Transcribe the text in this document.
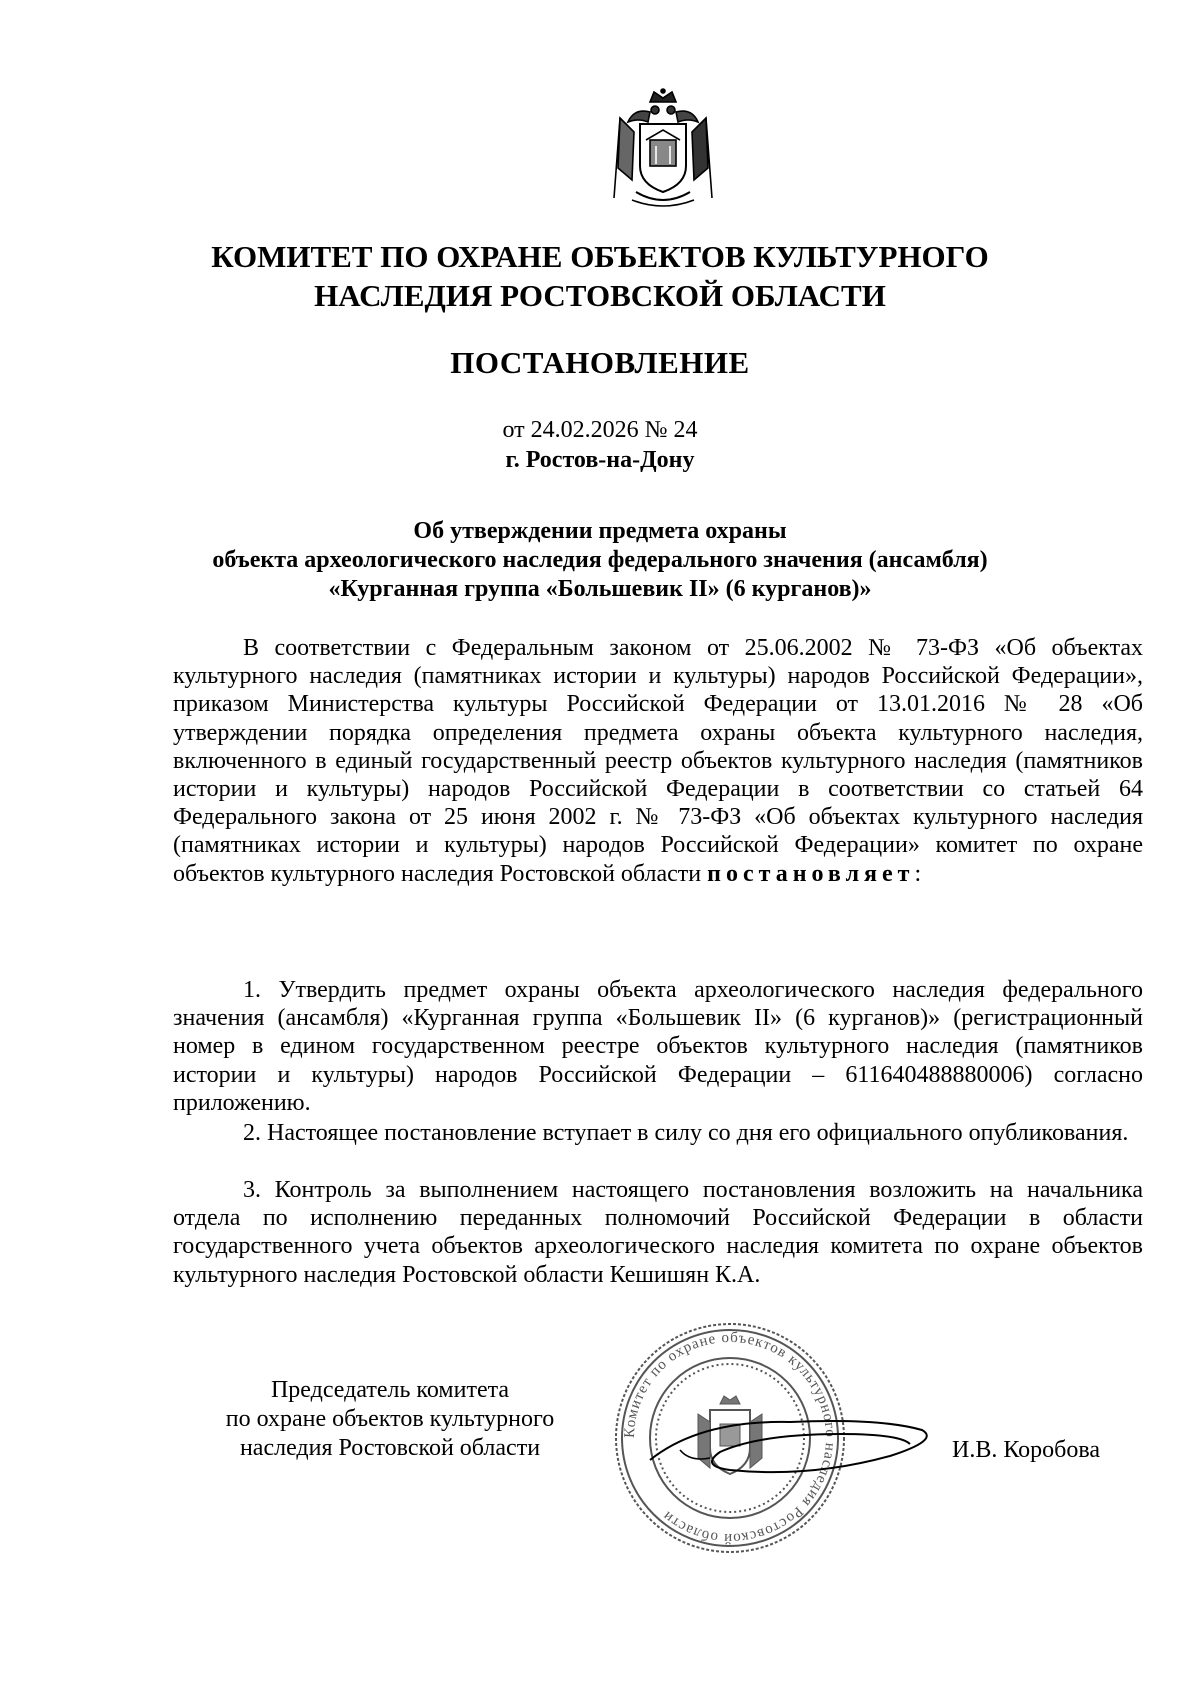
КОМИТЕТ ПО ОХРАНЕ ОБЪЕКТОВ КУЛЬТУРНОГО
НАСЛЕДИЯ РОСТОВСКОЙ ОБЛАСТИ
ПОСТАНОВЛЕНИЕ
от 24.02.2026 № 24
г. Ростов-на-Дону
Об утверждении предмета охраны
объекта археологического наследия федерального значения (ансамбля)
«Курганная группа «Большевик II» (6 курганов)»
В соответствии с Федеральным законом от 25.06.2002 № 73-ФЗ «Об объектах культурного наследия (памятниках истории и культуры) народов Российской Федерации», приказом Министерства культуры Российской Федерации от 13.01.2016 № 28 «Об утверждении порядка определения предмета охраны объекта культурного наследия, включенного в единый государственный реестр объектов культурного наследия (памятников истории и культуры) народов Российской Федерации в соответствии со статьей 64 Федерального закона от 25 июня 2002 г. № 73-ФЗ «Об объектах культурного наследия (памятниках истории и культуры) народов Российской Федерации» комитет по охране объектов культурного наследия Ростовской области постановляет:
1. Утвердить предмет охраны объекта археологического наследия федерального значения (ансамбля) «Курганная группа «Большевик II» (6 курганов)» (регистрационный номер в едином государственном реестре объектов культурного наследия (памятников истории и культуры) народов Российской Федерации – 611640488880006) согласно приложению.
2. Настоящее постановление вступает в силу со дня его официального опубликования.
3. Контроль за выполнением настоящего постановления возложить на начальника отдела по исполнению переданных полномочий Российской Федерации в области государственного учета объектов археологического наследия комитета по охране объектов культурного наследия Ростовской области Кешишян К.А.
Комитет по охране объектов культурного наследия Ростовской области
Председатель комитета
по охране объектов культурного
наследия Ростовской области	И.В. Коробова
